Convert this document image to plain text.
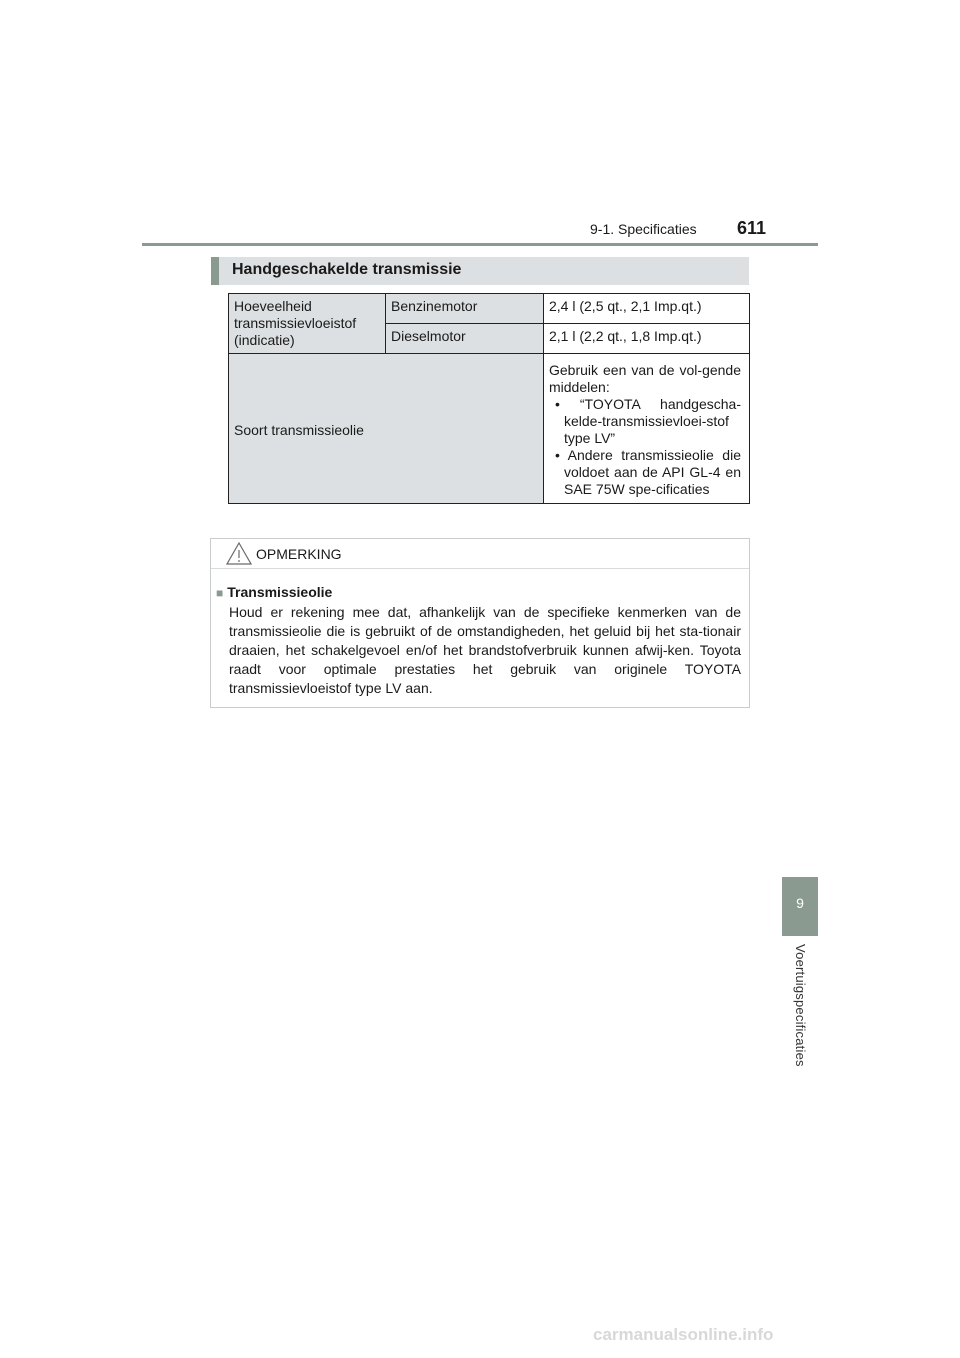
9-1. Specificaties 611
9
Voertuigspecificaties
Handgeschakelde transmissie
Hoeveelheid transmissievloeistof (indicatie)	Benzinemotor	2,4 l (2,5 qt., 2,1 Imp.qt.)
	Dieselmotor	2,1 l (2,2 qt., 1,8 Imp.qt.)
Soort transmissieolie		Gebruik een van de vol-gende middelen:
• “TOYOTA handgescha-kelde-transmissievloei-stof type LV”
• Andere transmissieolie die voldoet aan de API GL-4 en SAE 75W spe-cificaties
OPMERKING
■ Transmissieolie
Houd er rekening mee dat, afhankelijk van de specifieke kenmerken van de transmissieolie die is gebruikt of de omstandigheden, het geluid bij het sta-tionair draaien, het schakelgevoel en/of het brandstofverbruik kunnen afwij-ken. Toyota raadt voor optimale prestaties het gebruik van originele TOYOTA transmissievloeistof type LV aan.
carmanualsonline.info
